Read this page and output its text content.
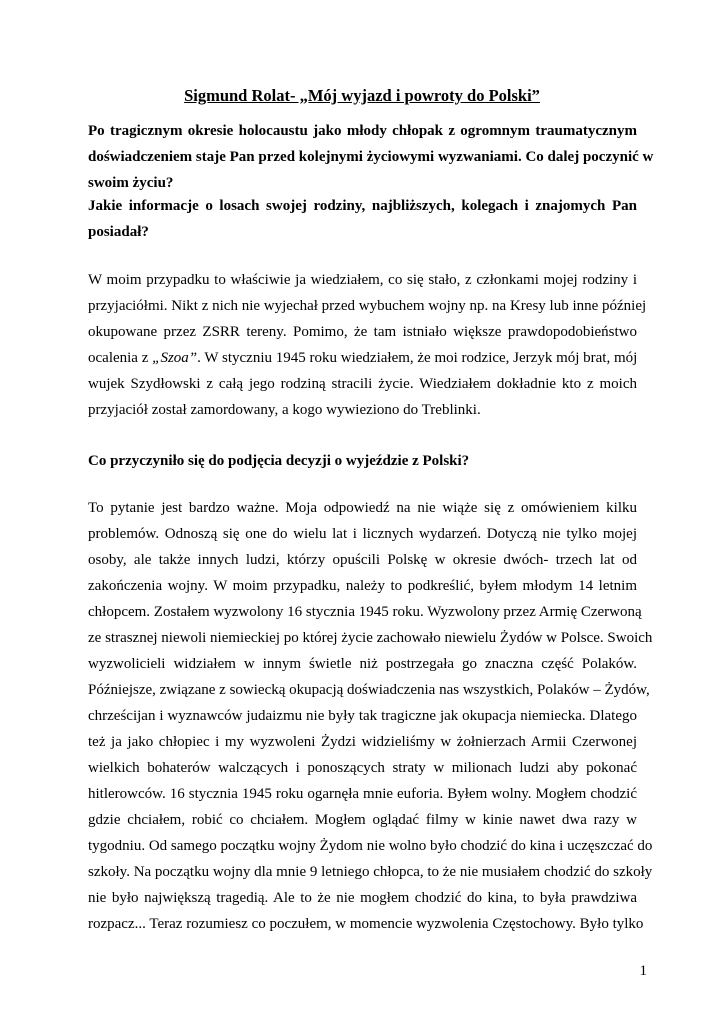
Sigmund Rolat- „Mój wyjazd i powroty do Polski”
Po tragicznym okresie holocaustu jako młody chłopak z ogromnym traumatycznym
doświadczeniem staje Pan przed kolejnymi życiowymi wyzwaniami. Co dalej poczynić w
swoim życiu?
Jakie informacje o losach swojej rodziny, najbliższych, kolegach i znajomych Pan
posiadał?
W moim przypadku to właściwie ja wiedziałem, co się stało, z członkami mojej rodziny i
przyjaciółmi. Nikt z nich nie wyjechał przed wybuchem wojny np. na Kresy lub inne później
okupowane przez ZSRR tereny. Pomimo, że tam istniało większe prawdopodobieństwo
ocalenia z „Szoa”. W styczniu 1945 roku wiedziałem, że moi rodzice, Jerzyk mój brat, mój
wujek Szydłowski z całą jego rodziną stracili życie. Wiedziałem dokładnie kto z moich
przyjaciół został zamordowany, a kogo wywieziono do Treblinki.
Co przyczyniło się do podjęcia decyzji o wyjeździe z Polski?
To pytanie jest bardzo ważne. Moja odpowiedź na nie wiąże się z omówieniem kilku
problemów. Odnoszą się one do wielu lat i licznych wydarzeń. Dotyczą nie tylko mojej
osoby, ale także innych ludzi, którzy opuścili Polskę w okresie dwóch- trzech lat od
zakończenia wojny. W moim przypadku, należy to podkreślić, byłem młodym 14 letnim
chłopcem. Zostałem wyzwolony 16 stycznia 1945 roku. Wyzwolony przez Armię Czerwoną
ze strasznej niewoli niemieckiej po której życie zachowało niewielu Żydów w Polsce. Swoich
wyzwolicieli widziałem w innym świetle niż postrzegała go znaczna część Polaków.
Późniejsze, związane z sowiecką okupacją doświadczenia nas wszystkich, Polaków – Żydów,
chrześcijan i wyznawców judaizmu nie były tak tragiczne jak okupacja niemiecka. Dlatego
też ja jako chłopiec i my wyzwoleni Żydzi widzieliśmy w żołnierzach Armii Czerwonej
wielkich bohaterów walczących i ponoszących straty w milionach ludzi aby pokonać
hitlerowców. 16 stycznia 1945 roku ogarnęła mnie euforia. Byłem wolny. Mogłem chodzić
gdzie chciałem, robić co chciałem. Mogłem oglądać filmy w kinie nawet dwa razy w
tygodniu. Od samego początku wojny Żydom nie wolno było chodzić do kina i uczęszczać do
szkoły. Na początku wojny dla mnie 9 letniego chłopca, to że nie musiałem chodzić do szkoły
nie było największą tragedią. Ale to że nie mogłem chodzić do kina, to była prawdziwa
rozpacz... Teraz rozumiesz co poczułem, w momencie wyzwolenia Częstochowy. Było tylko
1
